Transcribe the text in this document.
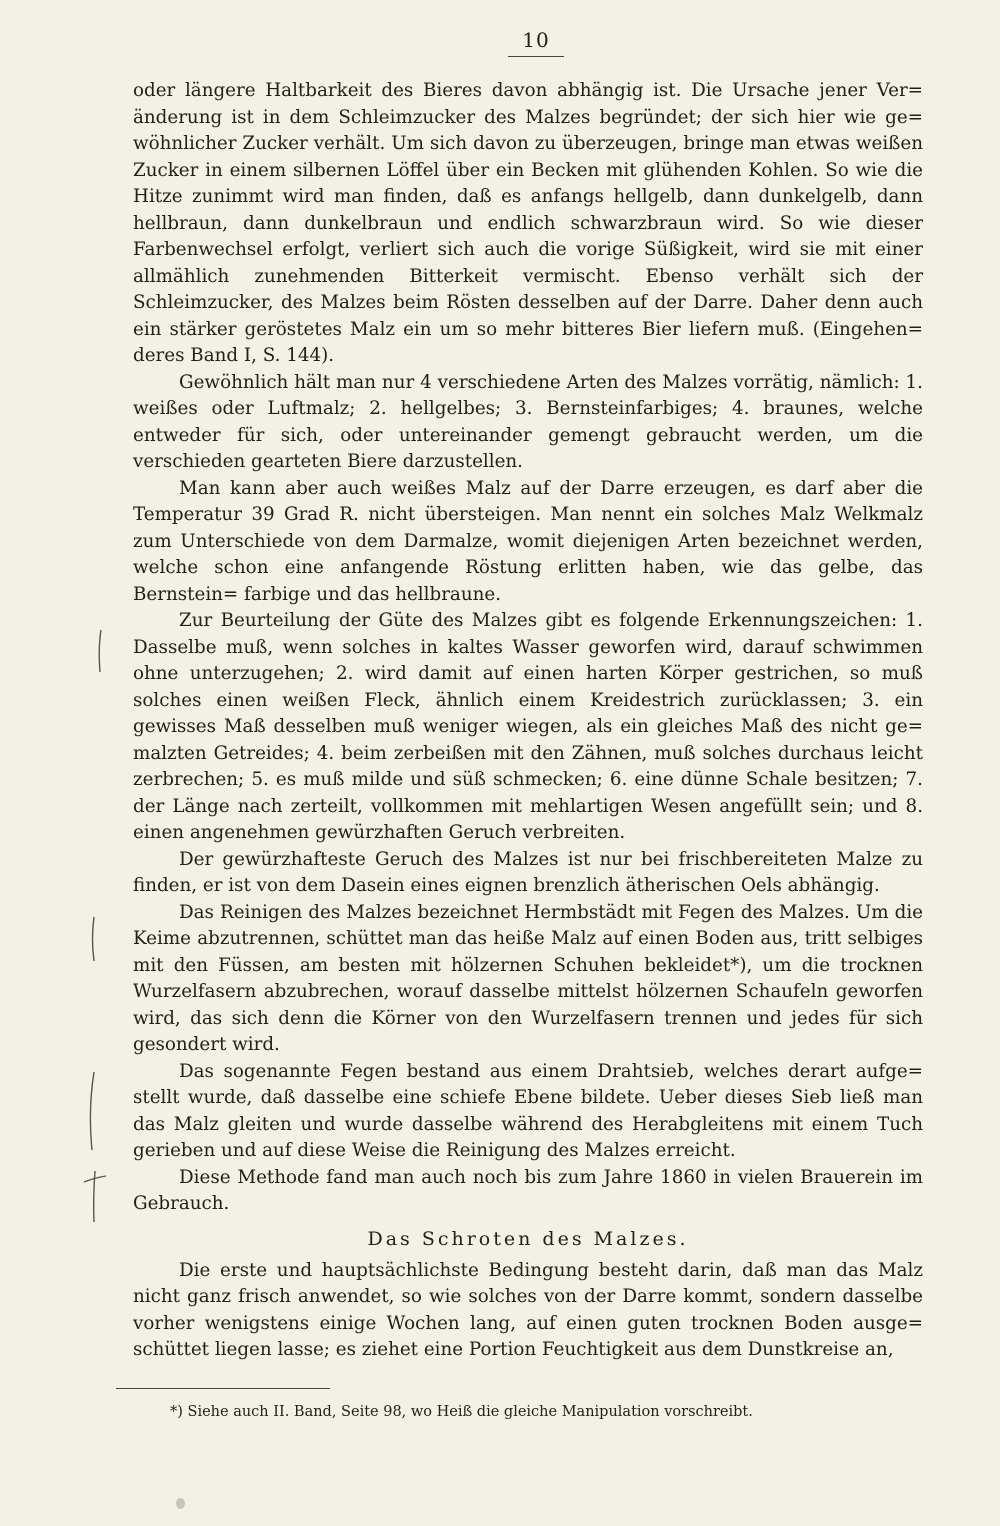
10

oder längere Haltbarkeit des Bieres davon abhängig ist. Die Ursache jener Ver= änderung ist in dem Schleimzucker des Malzes begründet; der sich hier wie ge= wöhnlicher Zucker verhält. Um sich davon zu überzeugen, bringe man etwas weißen Zucker in einem silbernen Löffel über ein Becken mit glühenden Kohlen. So wie die Hitze zunimmt wird man finden, daß es anfangs hellgelb, dann dunkelgelb, dann hellbraun, dann dunkelbraun und endlich schwarzbraun wird. So wie dieser Farbenwechsel erfolgt, verliert sich auch die vorige Süßigkeit, wird sie mit einer allmählich zunehmenden Bitterkeit vermischt. Ebenso verhält sich der Schleimzucker, des Malzes beim Rösten desselben auf der Darre. Daher denn auch ein stärker geröstetes Malz ein um so mehr bitteres Bier liefern muß. (Eingehen= deres Band I, S. 144).

Gewöhnlich hält man nur 4 verschiedene Arten des Malzes vorrätig, nämlich: 1. weißes oder Luftmalz; 2. hellgelbes; 3. Bernsteinfarbiges; 4. braunes, welche entweder für sich, oder untereinander gemengt gebraucht werden, um die verschieden gearteten Biere darzustellen.

Man kann aber auch weißes Malz auf der Darre erzeugen, es darf aber die Temperatur 39 Grad R. nicht übersteigen. Man nennt ein solches Malz Welkmalz zum Unterschiede von dem Darmalze, womit diejenigen Arten bezeichnet werden, welche schon eine anfangende Röstung erlitten haben, wie das gelbe, das Bernstein= farbige und das hellbraune.

Zur Beurteilung der Güte des Malzes gibt es folgende Erkennungszeichen: 1. Dasselbe muß, wenn solches in kaltes Wasser geworfen wird, darauf schwimmen ohne unterzugehen; 2. wird damit auf einen harten Körper gestrichen, so muß solches einen weißen Fleck, ähnlich einem Kreidestrich zurücklassen; 3. ein gewisses Maß desselben muß weniger wiegen, als ein gleiches Maß des nicht ge= malzten Getreides; 4. beim zerbeißen mit den Zähnen, muß solches durchaus leicht zerbrechen; 5. es muß milde und süß schmecken; 6. eine dünne Schale besitzen; 7. der Länge nach zerteilt, vollkommen mit mehlartigen Wesen angefüllt sein; und 8. einen angenehmen gewürzhaften Geruch verbreiten.

Der gewürzhafteste Geruch des Malzes ist nur bei frischbereiteten Malze zu finden, er ist von dem Dasein eines eignen brenzlich ätherischen Oels abhängig.

Das Reinigen des Malzes bezeichnet Hermbstädt mit Fegen des Malzes. Um die Keime abzutrennen, schüttet man das heiße Malz auf einen Boden aus, tritt selbiges mit den Füssen, am besten mit hölzernen Schuhen bekleidet*), um die trocknen Wurzelfasern abzubrechen, worauf dasselbe mittelst hölzernen Schaufeln geworfen wird, das sich denn die Körner von den Wurzelfasern trennen und jedes für sich gesondert wird.

Das sogenannte Fegen bestand aus einem Drahtsieb, welches derart aufge= stellt wurde, daß dasselbe eine schiefe Ebene bildete. Ueber dieses Sieb ließ man das Malz gleiten und wurde dasselbe während des Herabgleitens mit einem Tuch gerieben und auf diese Weise die Reinigung des Malzes erreicht.

Diese Methode fand man auch noch bis zum Jahre 1860 in vielen Brauerein im Gebrauch.

Das Schroten des Malzes.

Die erste und hauptsächlichste Bedingung besteht darin, daß man das Malz nicht ganz frisch anwendet, so wie solches von der Darre kommt, sondern dasselbe vorher wenigstens einige Wochen lang, auf einen guten trocknen Boden ausge= schüttet liegen lasse; es ziehet eine Portion Feuchtigkeit aus dem Dunstkreise an,

*) Siehe auch II. Band, Seite 98, wo Heiß die gleiche Manipulation vorschreibt.
